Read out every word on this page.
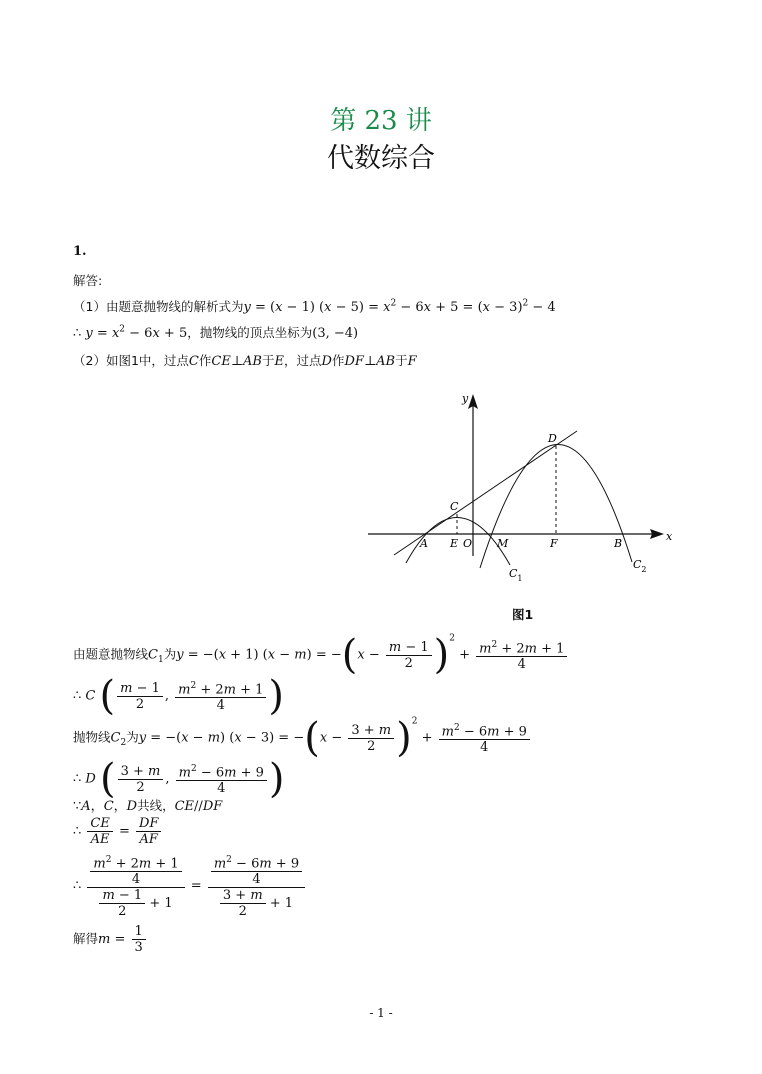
第 23 讲
代数综合
1.
解答:
（1）由题意抛物线的解析式为y = (x − 1) $(x - 5) = x^2 - 6x + 5 = (x - 3)^2 - 4$
∴ $y = x^2 - 6x + 5$，抛物线的顶点坐标为(3, −4)
（2）如图1中，过点C作CE⊥AB于E，过点D作DF⊥AB于F
y
x
A E O M	F	B
C
D
$C_1$
$C_2$
图1
由题意抛物线$C_1$为y = −(x + 1) $(x - m) = -(x - \frac{m - 1}{2} )^2 + \frac{m^2 + 2m + 1}{4}$
∴ C ( $\frac{m - 1}{2}$ , $\frac{m^2 + 2m + 1}{4}$ )
抛物线$C_2$为y = −(x − m) $(x - 3) = -(x - \frac{3 + m}{2} )^2 + \frac{m^2 - 6m + 9}{4}$
∴ D ( $\frac{3 + m}{2}$ , $\frac{m^2 - 6m + 9}{4}$ )
∵A，C，D共线，CE//DF
∴ $\frac{CE}{AE} = \frac{DF}{AF}$
∴ $\frac{\frac{m^2 + 2m + 1}{4}}{\frac{m - 1}{2} + 1} = \frac{\frac{m^2 - 6m + 9}{4}}{\frac{3 + m}{2} + 1}$
解得$m = \frac{1}{3}$
- 1 -
